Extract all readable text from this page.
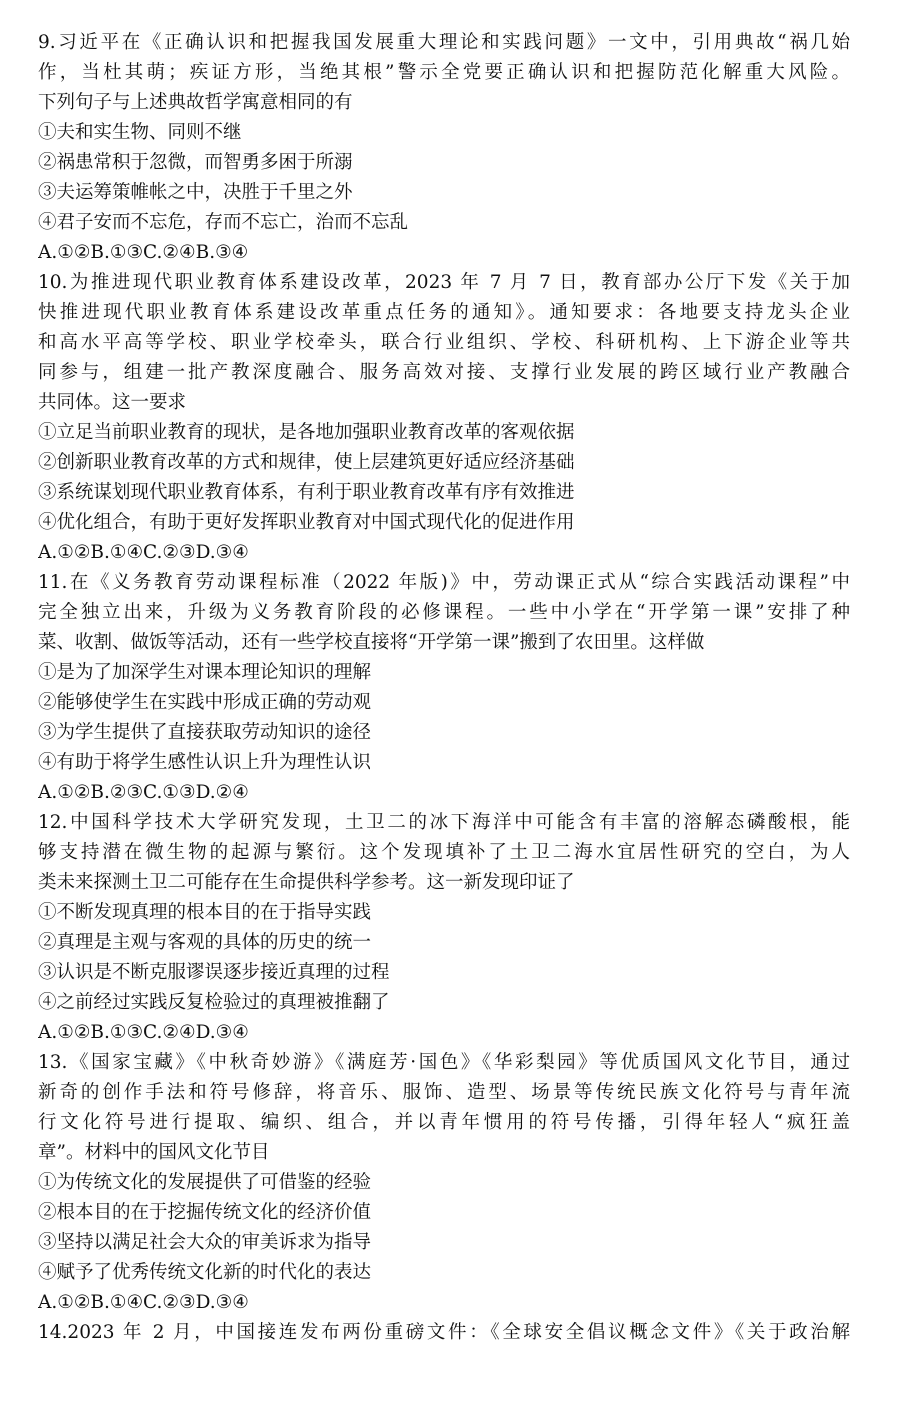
9.习近平在《正确认识和把握我国发展重大理论和实践问题》一文中，引用典故“祸几始
作，当杜其萌；疾证方形，当绝其根”警示全党要正确认识和把握防范化解重大风险。
下列句子与上述典故哲学寓意相同的有
①夫和实生物、同则不继
②祸患常积于忽微，而智勇多困于所溺
③夫运筹策帷帐之中，决胜于千里之外
④君子安而不忘危，存而不忘亡，治而不忘乱
A.①②B.①③C.②④B.③④
10.为推进现代职业教育体系建设改革，2023 年 7 月 7 日，教育部办公厅下发《关于加
快推进现代职业教育体系建设改革重点任务的通知》。通知要求：各地要支持龙头企业
和高水平高等学校、职业学校牵头，联合行业组织、学校、科研机构、上下游企业等共
同参与，组建一批产教深度融合、服务高效对接、支撑行业发展的跨区域行业产教融合
共同体。这一要求
①立足当前职业教育的现状，是各地加强职业教育改革的客观依据
②创新职业教育改革的方式和规律，使上层建筑更好适应经济基础
③系统谋划现代职业教育体系，有利于职业教育改革有序有效推进
④优化组合，有助于更好发挥职业教育对中国式现代化的促进作用
A.①②B.①④C.②③D.③④
11.在《义务教育劳动课程标准（2022 年版)》中，劳动课正式从“综合实践活动课程”中
完全独立出来，升级为义务教育阶段的必修课程。一些中小学在“开学第一课”安排了种
菜、收割、做饭等活动，还有一些学校直接将“开学第一课”搬到了农田里。这样做
①是为了加深学生对课本理论知识的理解
②能够使学生在实践中形成正确的劳动观
③为学生提供了直接获取劳动知识的途径
④有助于将学生感性认识上升为理性认识
A.①②B.②③C.①③D.②④
12.中国科学技术大学研究发现，土卫二的冰下海洋中可能含有丰富的溶解态磷酸根，能
够支持潜在微生物的起源与繁衍。这个发现填补了土卫二海水宜居性研究的空白，为人
类未来探测土卫二可能存在生命提供科学参考。这一新发现印证了
①不断发现真理的根本目的在于指导实践
②真理是主观与客观的具体的历史的统一
③认识是不断克服谬误逐步接近真理的过程
④之前经过实践反复检验过的真理被推翻了
A.①②B.①③C.②④D.③④
13.《国家宝藏》《中秋奇妙游》《满庭芳·国色》《华彩梨园》等优质国风文化节目，通过
新奇的创作手法和符号修辞，将音乐、服饰、造型、场景等传统民族文化符号与青年流
行文化符号进行提取、编织、组合，并以青年惯用的符号传播，引得年轻人“疯狂盖
章”。材料中的国风文化节目
①为传统文化的发展提供了可借鉴的经验
②根本目的在于挖掘传统文化的经济价值
③坚持以满足社会大众的审美诉求为指导
④赋予了优秀传统文化新的时代化的表达
A.①②B.①④C.②③D.③④
14.2023 年 2 月，中国接连发布两份重磅文件：《全球安全倡议概念文件》《关于政治解
